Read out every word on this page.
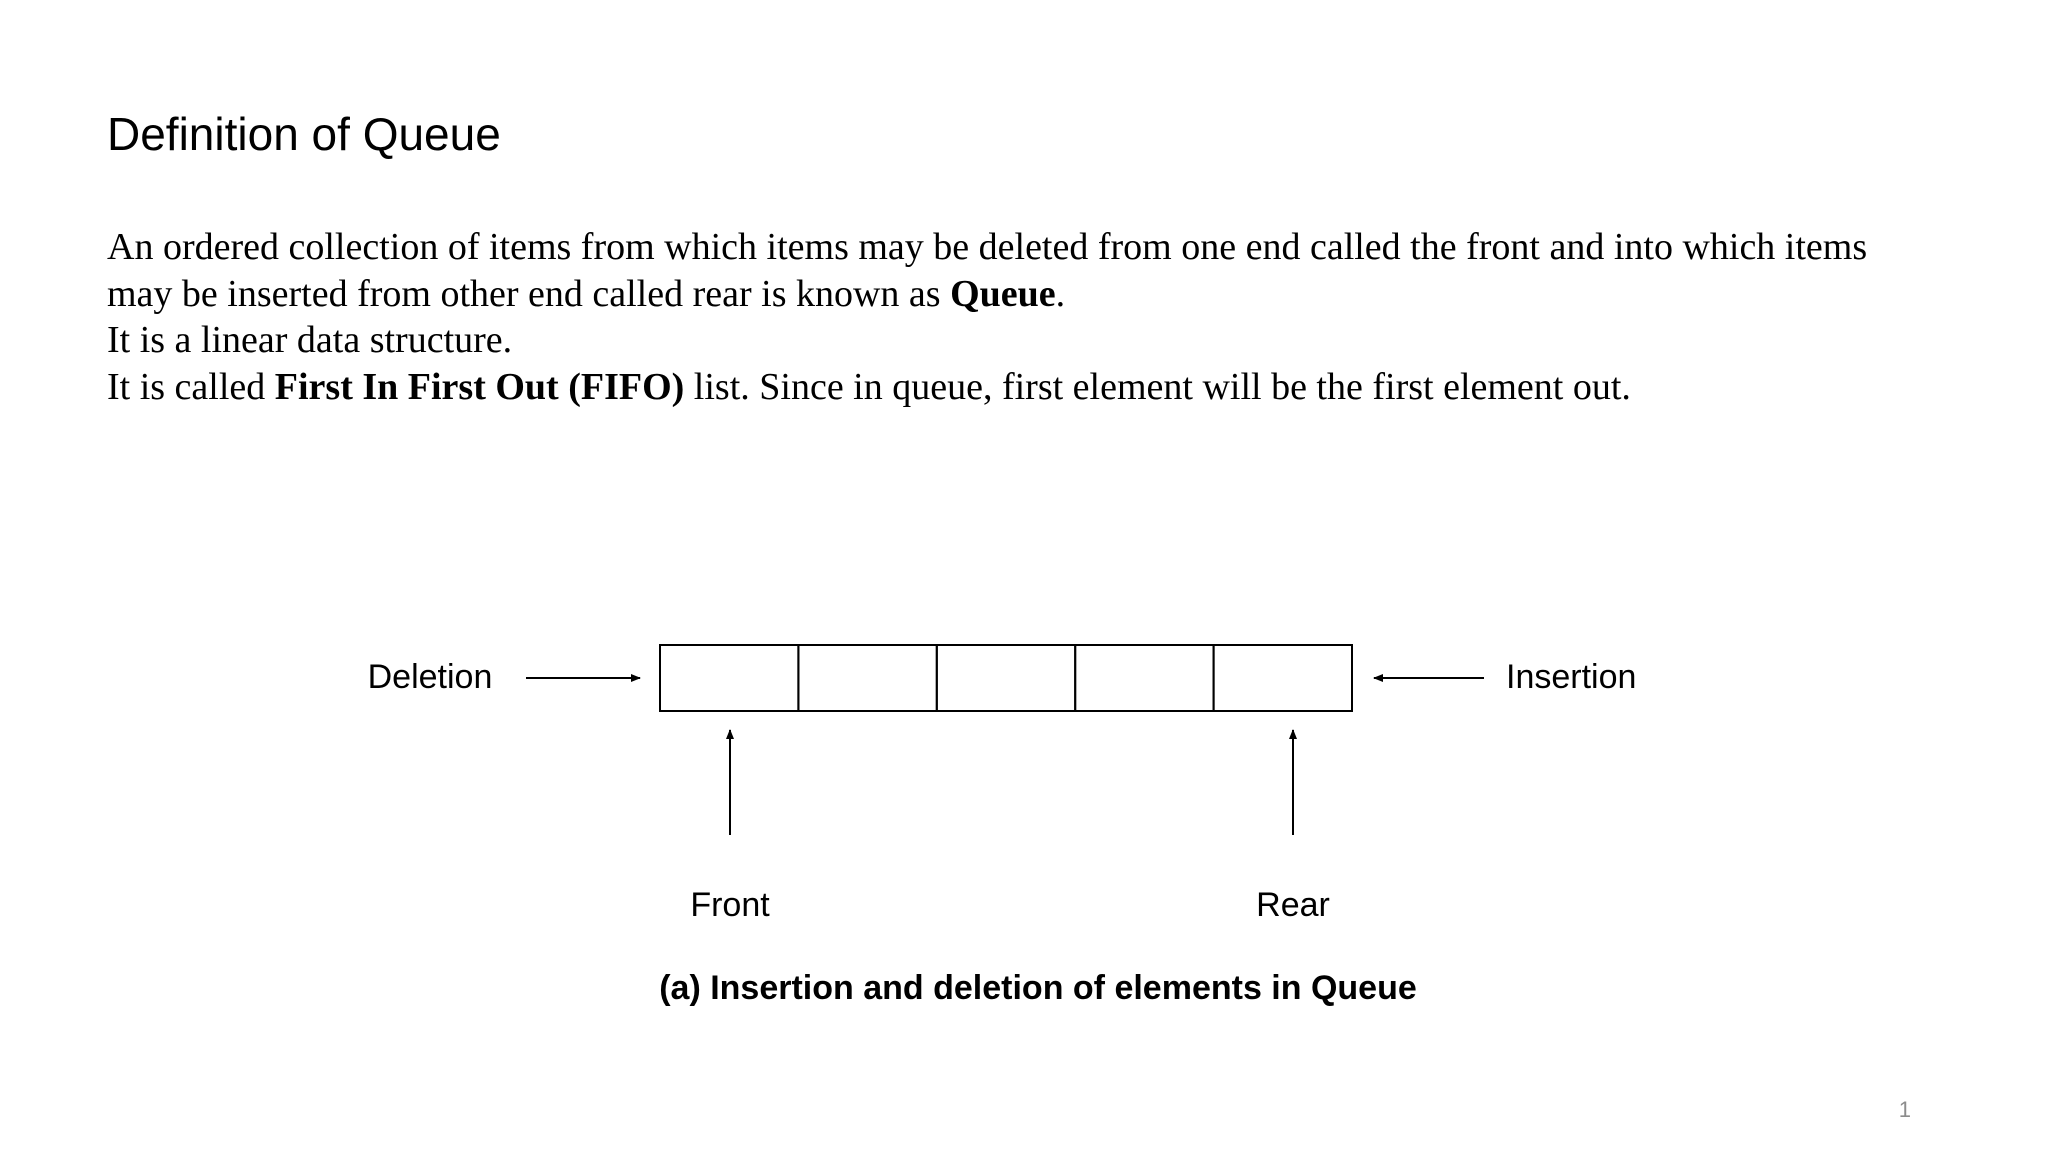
Definition of Queue
An ordered collection of items from which items may be deleted from one end called the front and into which items
may be inserted from other end called rear is known as Queue.
It is a linear data structure.
It is called First In First Out (FIFO) list. Since in queue, first element will be the first element out.
Deletion	Insertion
Front	Rear
(a) Insertion and deletion of elements in Queue
1
